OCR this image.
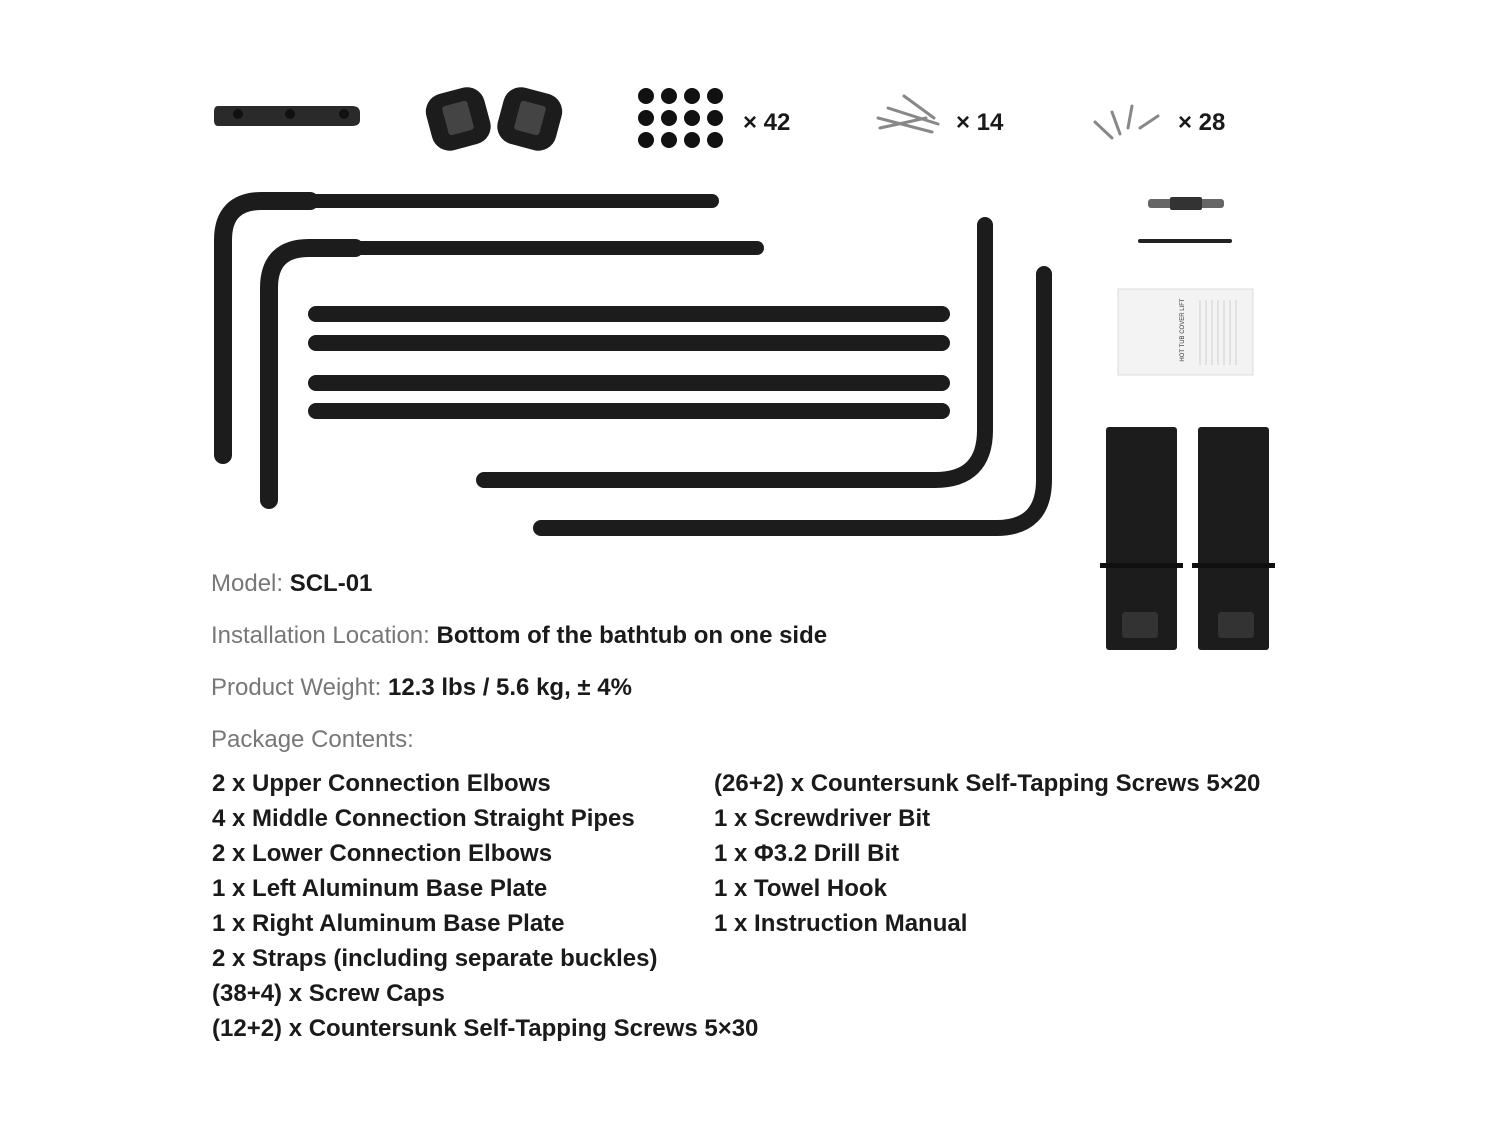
× 42	× 14	× 28
HOT TUB COVER LIFT
Model: SCL-01
Installation Location: Bottom of the bathtub on one side
Product Weight: 12.3 lbs / 5.6 kg, ± 4%
Package Contents:
2 x Upper Connection Elbows
4 x Middle Connection Straight Pipes
2 x Lower Connection Elbows
1 x Left Aluminum Base Plate
1 x Right Aluminum Base Plate
2 x Straps (including separate buckles)
(38+4) x Screw Caps
(12+2) x Countersunk Self-Tapping Screws 5×30
(26+2) x Countersunk Self-Tapping Screws 5×20
1 x Screwdriver Bit
1 x Φ3.2 Drill Bit
1 x Towel Hook
1 x Instruction Manual
